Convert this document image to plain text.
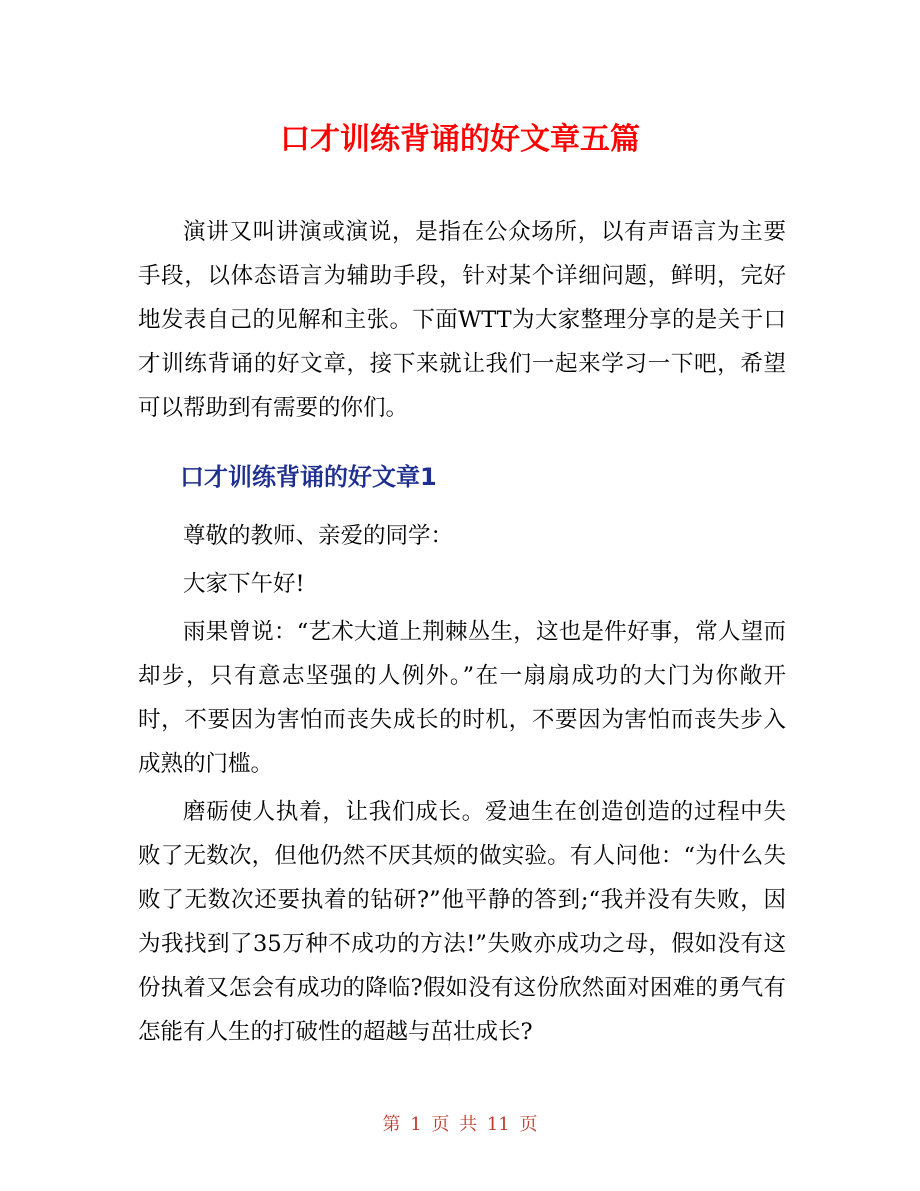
口才训练背诵的好文章五篇

演讲又叫讲演或演说，是指在公众场所，以有声语言为主要手段，以体态语言为辅助手段，针对某个详细问题，鲜明，完好地发表自己的见解和主张。下面WTT为大家整理分享的是关于口才训练背诵的好文章，接下来就让我们一起来学习一下吧，希望可以帮助到有需要的你们。

口才训练背诵的好文章1

尊敬的教师、亲爱的同学：

大家下午好!

雨果曾说：“艺术大道上荆棘丛生，这也是件好事，常人望而却步，只有意志坚强的人例外。”在一扇扇成功的大门为你敞开时，不要因为害怕而丧失成长的时机，不要因为害怕而丧失步入成熟的门槛。

磨砺使人执着，让我们成长。爱迪生在创造创造的过程中失败了无数次，但他仍然不厌其烦的做实验。有人问他：“为什么失败了无数次还要执着的钻研?”他平静的答到;“我并没有失败，因为我找到了35万种不成功的方法!”失败亦成功之母，假如没有这份执着又怎会有成功的降临?假如没有这份欣然面对困难的勇气有怎能有人生的打破性的超越与茁壮成长?

第 1 页 共 11 页
